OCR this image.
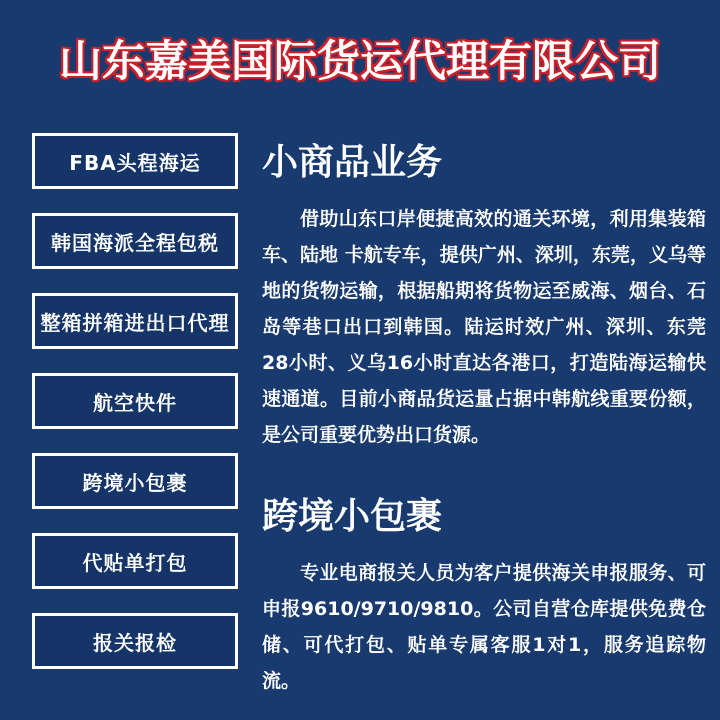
山东嘉美国际货运代理有限公司
FBA头程海运
韩国海派全程包税
整箱拼箱进出口代理
航空快件
跨境小包裹
代贴单打包
报关报检
小商品业务
借助山东口岸便捷高效的通关环境，利用集装箱车、陆地 卡航专车，提供广州、深圳，东莞，义乌等地的货物运输，根据船期将货物运至威海、烟台、石岛等巷口出口到韩国。陆运时效广州、深圳、东莞28小时、义乌16小时直达各港口，打造陆海运输快速通道。目前小商品货运量占据中韩航线重要份额，是公司重要优势出口货源。
跨境小包裹
专业电商报关人员为客户提供海关申报服务、可申报9610/9710/9810。公司自营仓库提供免费仓储、可代打包、贴单专属客服1对1，服务追踪物流。
